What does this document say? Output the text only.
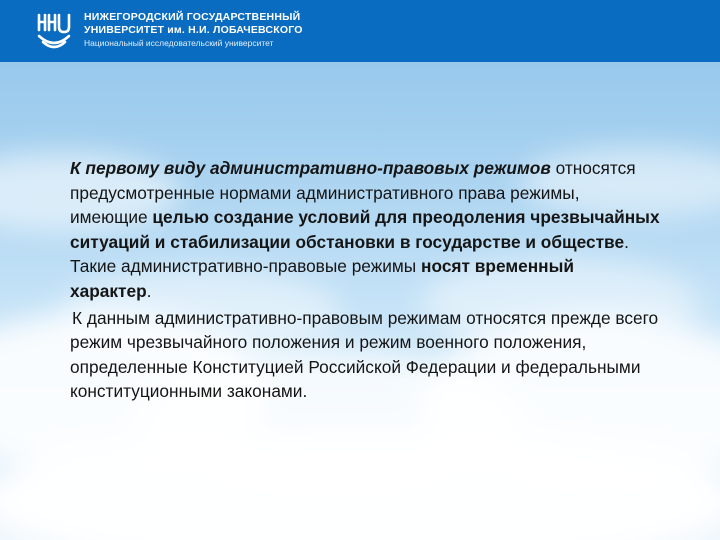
НИЖЕГОРОДСКИЙ ГОСУДАРСТВЕННЫЙ
УНИВЕРСИТЕТ им. Н.И. ЛОБАЧЕВСКОГО
Национальный исследовательский университет

К первому виду административно-правовых режимов относятся предусмотренные нормами административного права режимы, имеющие целью создание условий для преодоления чрезвычайных ситуаций и стабилизации обстановки в государстве и обществе. Такие административно-правовые режимы носят временный характер.

К данным административно-правовым режимам относятся прежде всего режим чрезвычайного положения и режим военного положения, определенные Конституцией Российской Федерации и федеральными конституционными законами.
